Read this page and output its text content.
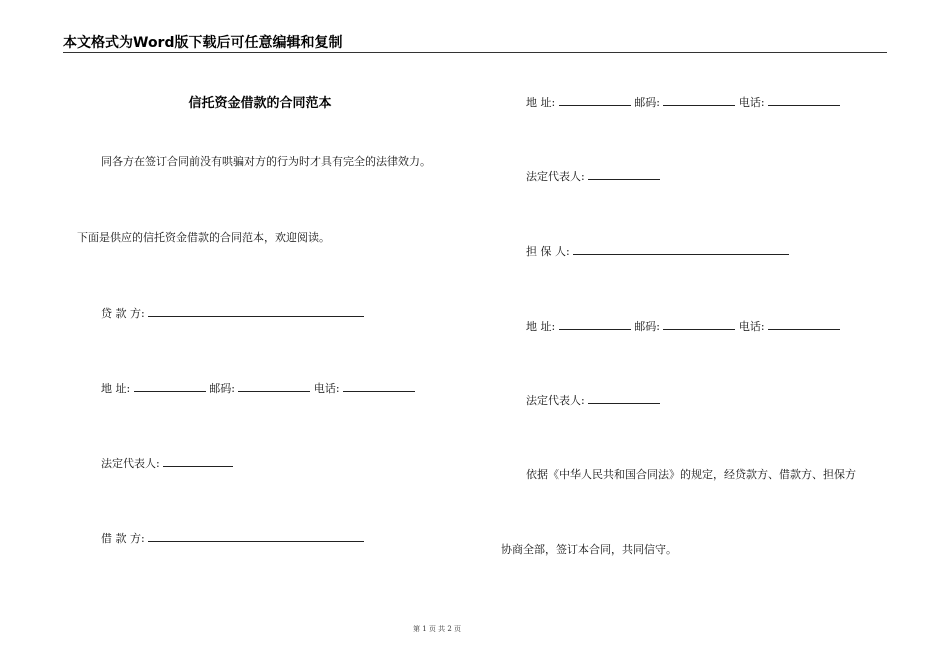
本文格式为Word版下载后可任意编辑和复制
信托资金借款的合同范本
同各方在签订合同前没有哄骗对方的行为时才具有完全的法律效力。
下面是供应的信托资金借款的合同范本，欢迎阅读。
贷 款 方:
地 址:	邮码:	电话:
法定代表人:
借 款 方:
地 址:	邮码:	电话:
法定代表人:
担 保 人:
地 址:	邮码:	电话:
法定代表人:
依据《中华人民共和国合同法》的规定，经贷款方、借款方、担保方
协商全部，签订本合同，共同信守。
第 1 页 共 2 页
